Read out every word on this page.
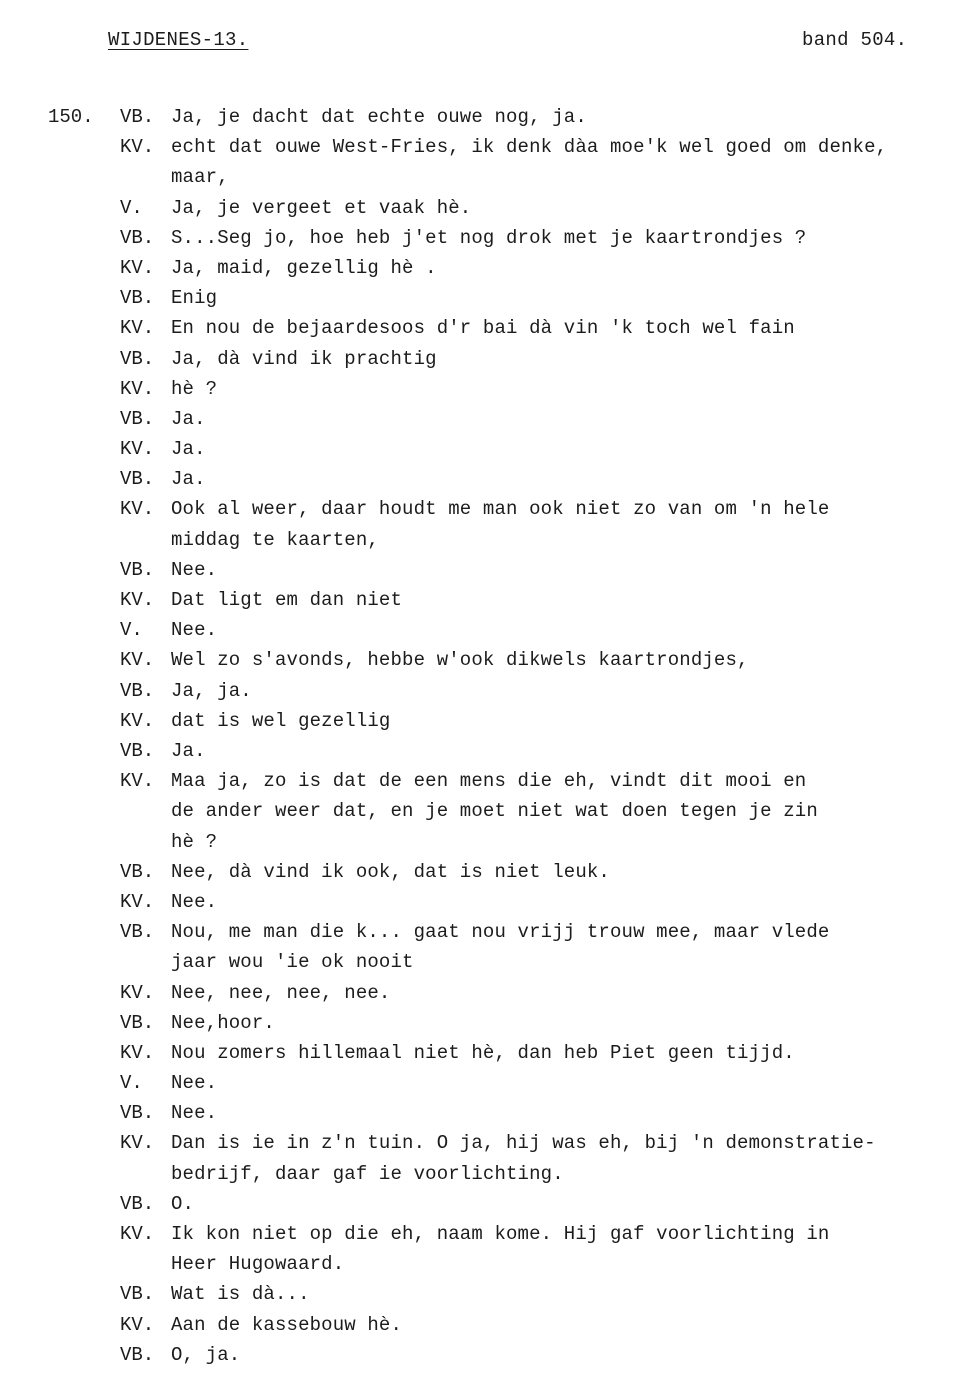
WIJDENES-13.	band 504.
150. VB. Ja, je dacht dat echte ouwe nog, ja.
KV. echt dat ouwe West-Fries, ik denk dàa moe'k wel goed om denke,
maar,
V. Ja, je vergeet et vaak hè.
VB. S...Seg jo, hoe heb j'et nog drok met je kaartrondjes ?
KV. Ja, maid, gezellig hè .
VB. Enig
KV. En nou de bejaardesoos d'r bai dà vin 'k toch wel fain
VB. Ja, dà vind ik prachtig
KV. hè ?
VB. Ja.
KV. Ja.
VB. Ja.
KV. Ook al weer, daar houdt me man ook niet zo van om 'n hele
middag te kaarten,
VB. Nee.
KV. Dat ligt em dan niet
V. Nee.
KV. Wel zo s'avonds, hebbe w'ook dikwels kaartrondjes,
VB. Ja, ja.
KV. dat is wel gezellig
VB. Ja.
KV. Maa ja, zo is dat de een mens die eh, vindt dit mooi en
de ander weer dat, en je moet niet wat doen tegen je zin
hè ?
VB. Nee, dà vind ik ook, dat is niet leuk.
KV. Nee.
VB. Nou, me man die k... gaat nou vrijj trouw mee, maar vlede
jaar wou 'ie ok nooit
KV. Nee, nee, nee, nee.
VB. Nee,hoor.
KV. Nou zomers hillemaal niet hè, dan heb Piet geen tijjd.
V. Nee.
VB. Nee.
KV. Dan is ie in z'n tuin. O ja, hij was eh, bij 'n demonstratie-
bedrijf, daar gaf ie voorlichting.
VB. O.
KV. Ik kon niet op die eh, naam kome. Hij gaf voorlichting in
Heer Hugowaard.
VB. Wat is dà...
KV. Aan de kassebouw hè.
VB. O, ja.
